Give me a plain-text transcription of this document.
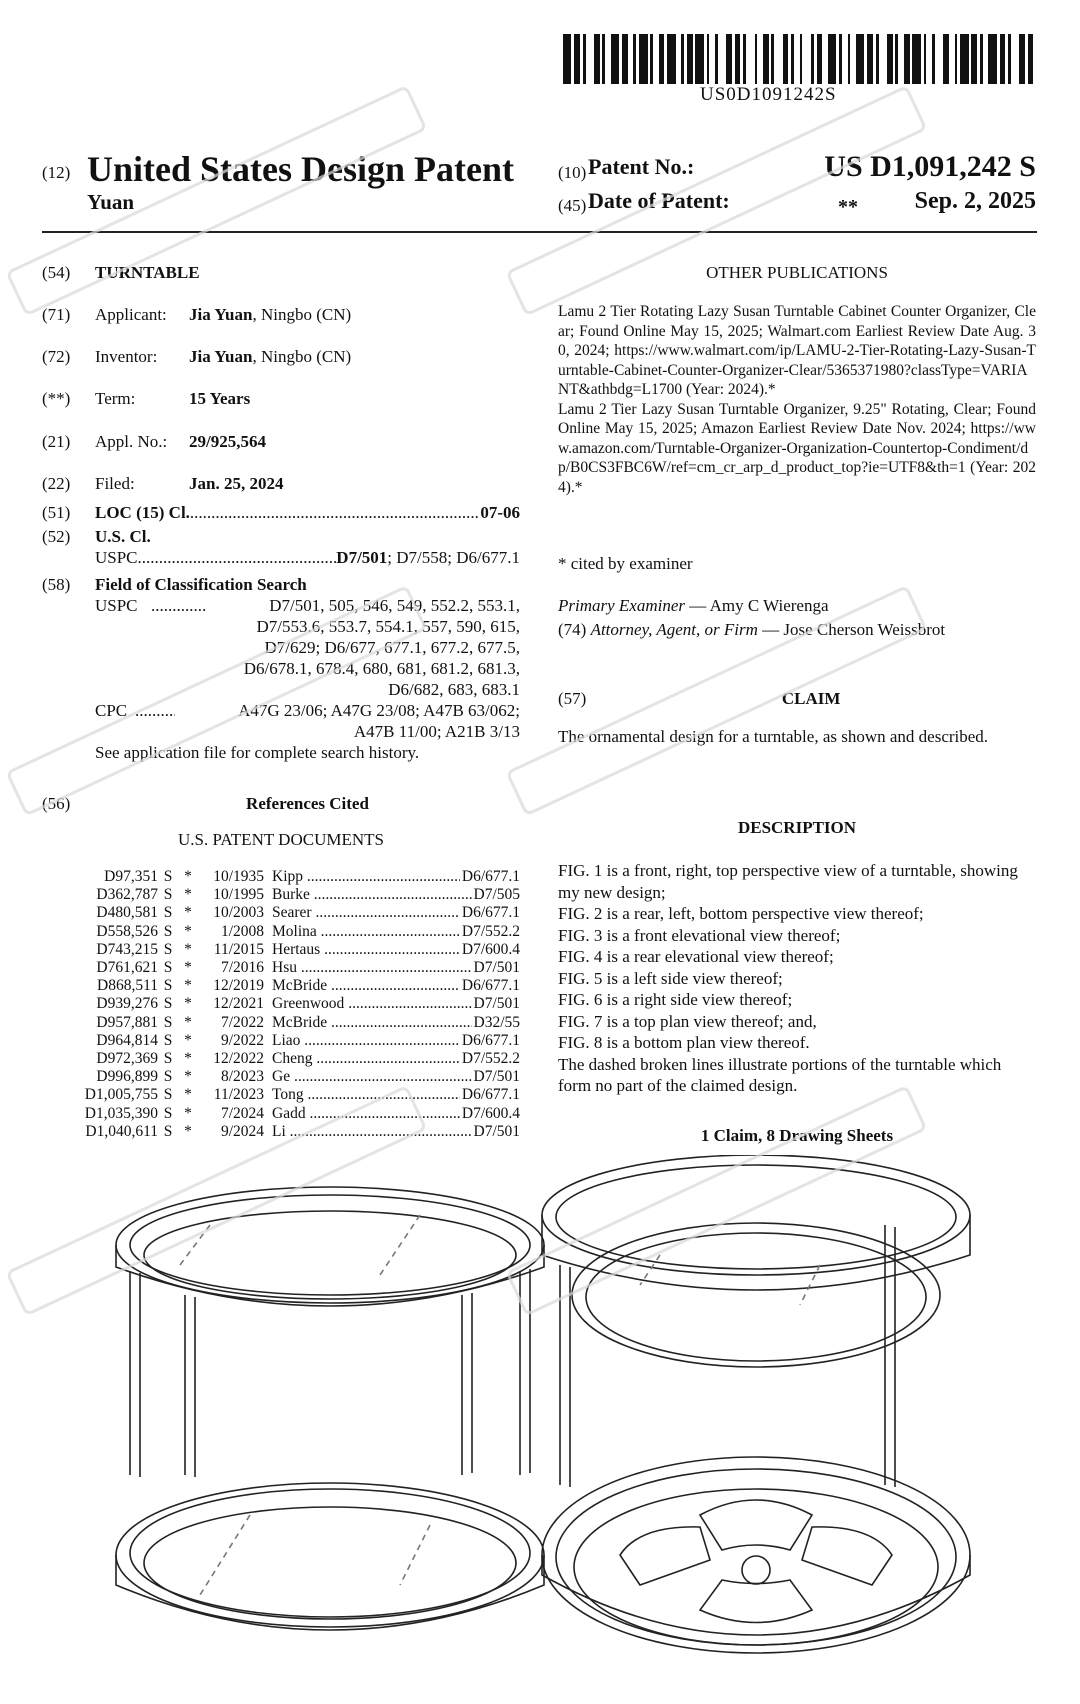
US0D1091242S
(12) United States Design Patent
Yuan
(10) Patent No.:	US D1,091,242 S
(45) Date of Patent:	** Sep. 2, 2025
(54)	TURNTABLE
(71)	Applicant:	Jia Yuan , Ningbo (CN)
(72)	Inventor:	Jia Yuan , Ningbo (CN)
(**)	Term:	15 Years
(21)	Appl. No.:	29/925,564
(22)	Filed:	Jan. 25, 2024
(51)	LOC (15) Cl. .....	07-06
(52)	U.S. Cl.
USPC .....	D7/501 ; D7/558; D6/677.1
(58)	Field of Classification Search
USPC .....	D7/501, 505, 546, 549, 552.2, 553.1,
D7/553.6, 553.7, 554.1, 557, 590, 615,
D7/629; D6/677, 677.1, 677.2, 677.5,
D6/678.1, 678.4, 680, 681, 681.2, 681.3,
D6/682, 683, 683.1
CPC .....	A47G 23/06; A47G 23/08; A47B 63/062;
A47B 11/00; A21B 3/13
See application file for complete search history.
(56)	References Cited
U.S. PATENT DOCUMENTS
D97,351 S *	10/1935 Kipp .....	D6/677.1
D362,787 S *	10/1995 Burke .....	D7/505
D480,581 S *	10/2003 Searer .....	D6/677.1
D558,526 S *	1/2008 Molina .....	D7/552.2
D743,215 S *	11/2015 Hertaus .....	D7/600.4
D761,621 S *	7/2016 Hsu .....	D7/501
D868,511 S *	12/2019 McBride .....	D6/677.1
D939,276 S *	12/2021 Greenwood .....	D7/501
D957,881 S *	7/2022 McBride .....	D32/55
D964,814 S *	9/2022 Liao .....	D6/677.1
D972,369 S *	12/2022 Cheng .....	D7/552.2
D996,899 S *	8/2023 Ge .....	D7/501
D1,005,755 S *	11/2023 Tong .....	D6/677.1
D1,035,390 S *	7/2024 Gadd .....	D7/600.4
D1,040,611 S *	9/2024 Li .....	D7/501
OTHER PUBLICATIONS
Lamu 2 Tier Rotating Lazy Susan Turntable Cabinet Counter Organizer, Clear; Found Online May 15, 2025; Walmart.com Earliest Review Date Aug. 30, 2024; https://www.walmart.com/ip/LAMU-2-Tier-Rotating-Lazy-Susan-Turntable-Cabinet-Counter-Organizer-Clear/5365371980?classType=VARIANT&athbdg=L1700 (Year: 2024).*
Lamu 2 Tier Lazy Susan Turntable Organizer, 9.25" Rotating, Clear; Found Online May 15, 2025; Amazon Earliest Review Date Nov. 2024; https://www.amazon.com/Turntable-Organizer-Organization-Countertop-Condiment/dp/B0CS3FBC6W/ref=cm_cr_arp_d_product_top?ie=UTF8&th=1 (Year: 2024).*
* cited by examiner
Primary Examiner — Amy C Wierenga
(74) Attorney, Agent, or Firm — Jose Cherson Weissbrot
(57)	CLAIM
The ornamental design for a turntable, as shown and described.
DESCRIPTION

FIG. 1 is a front, right, top perspective view of a turntable, showing my new design;

FIG. 2 is a rear, left, bottom perspective view thereof;

FIG. 3 is a front elevational view thereof;

FIG. 4 is a rear elevational view thereof;

FIG. 5 is a left side view thereof;

FIG. 6 is a right side view thereof;

FIG. 7 is a top plan view thereof; and,

FIG. 8 is a bottom plan view thereof.

The dashed broken lines illustrate portions of the turntable which form no part of the claimed design.

1 Claim, 8 Drawing Sheets
